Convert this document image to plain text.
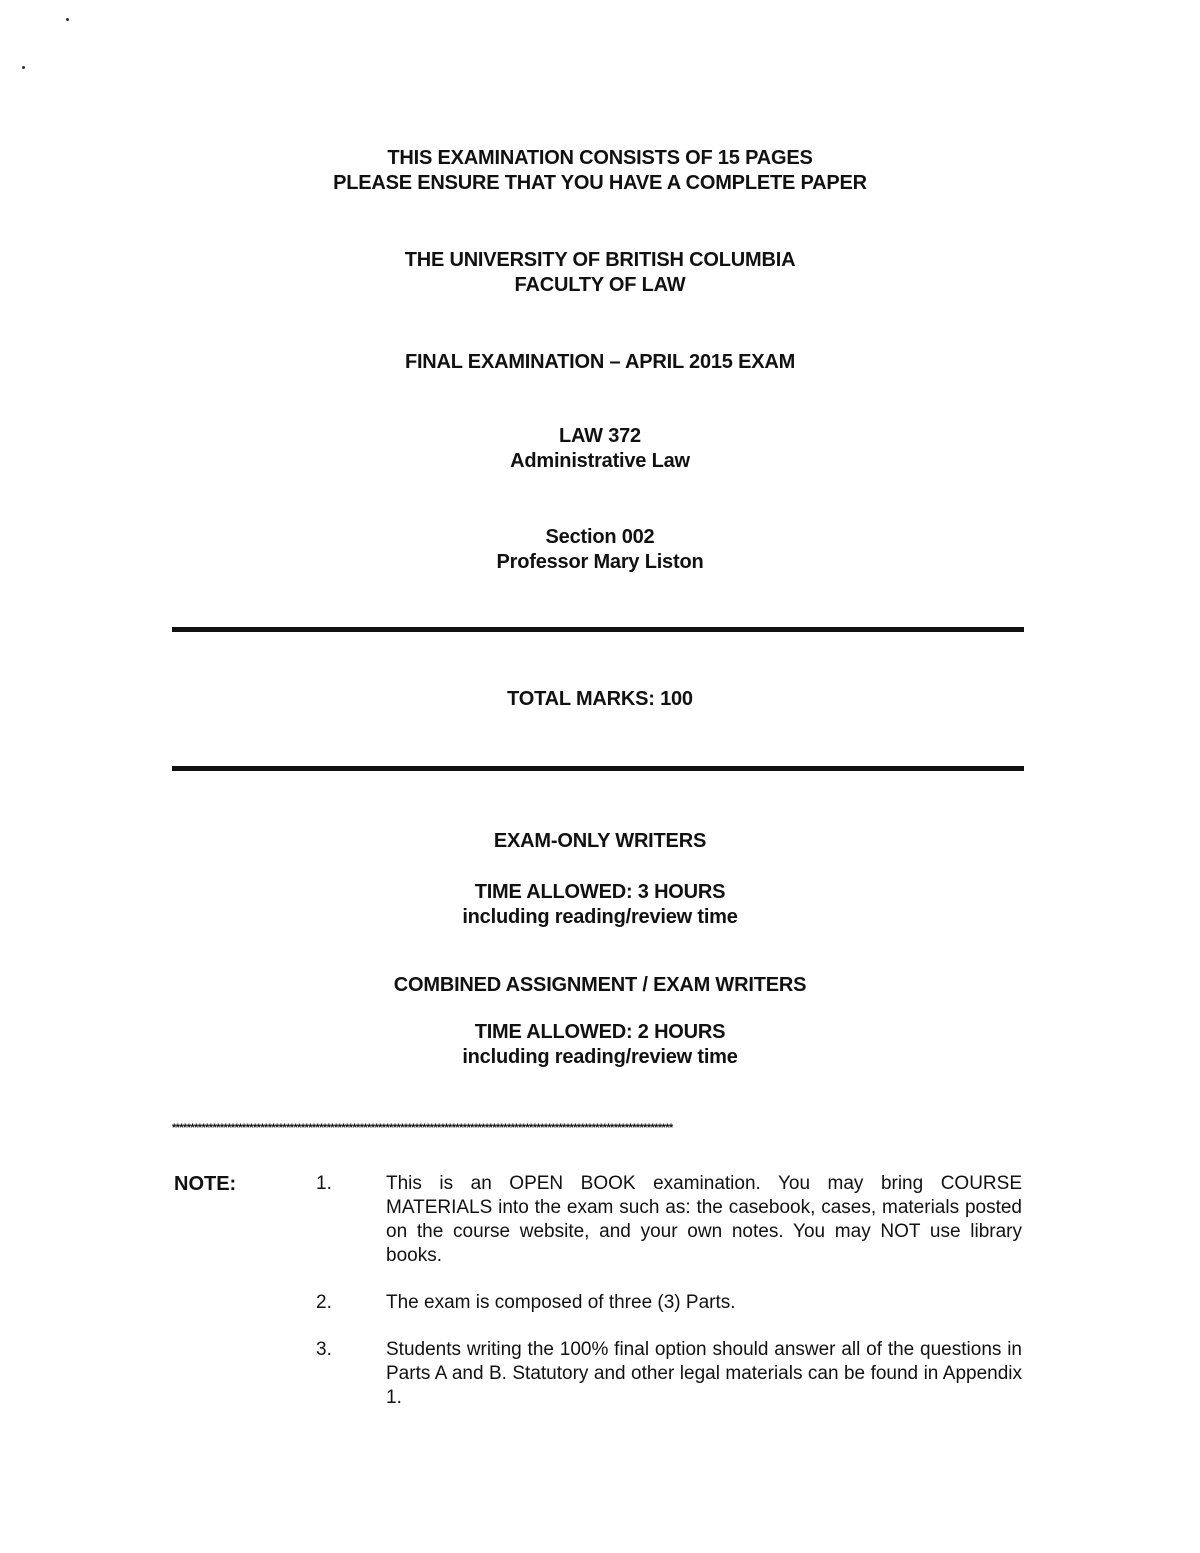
THIS EXAMINATION CONSISTS OF 15 PAGES
PLEASE ENSURE THAT YOU HAVE A COMPLETE PAPER
THE UNIVERSITY OF BRITISH COLUMBIA
FACULTY OF LAW
FINAL EXAMINATION – APRIL 2015 EXAM
LAW 372
Administrative Law
Section 002
Professor Mary Liston
TOTAL MARKS: 100
EXAM-ONLY WRITERS
TIME ALLOWED: 3 HOURS
including reading/review time
COMBINED ASSIGNMENT / EXAM WRITERS
TIME ALLOWED: 2 HOURS
including reading/review time
****************************************************************************************************************************************
NOTE:	1.	This is an OPEN BOOK examination. You may bring COURSE MATERIALS into the exam such as: the casebook, cases, materials posted on the course website, and your own notes. You may NOT use library books.
2.	The exam is composed of three (3) Parts.
3.	Students writing the 100% final option should answer all of the questions in Parts A and B. Statutory and other legal materials can be found in Appendix 1.
